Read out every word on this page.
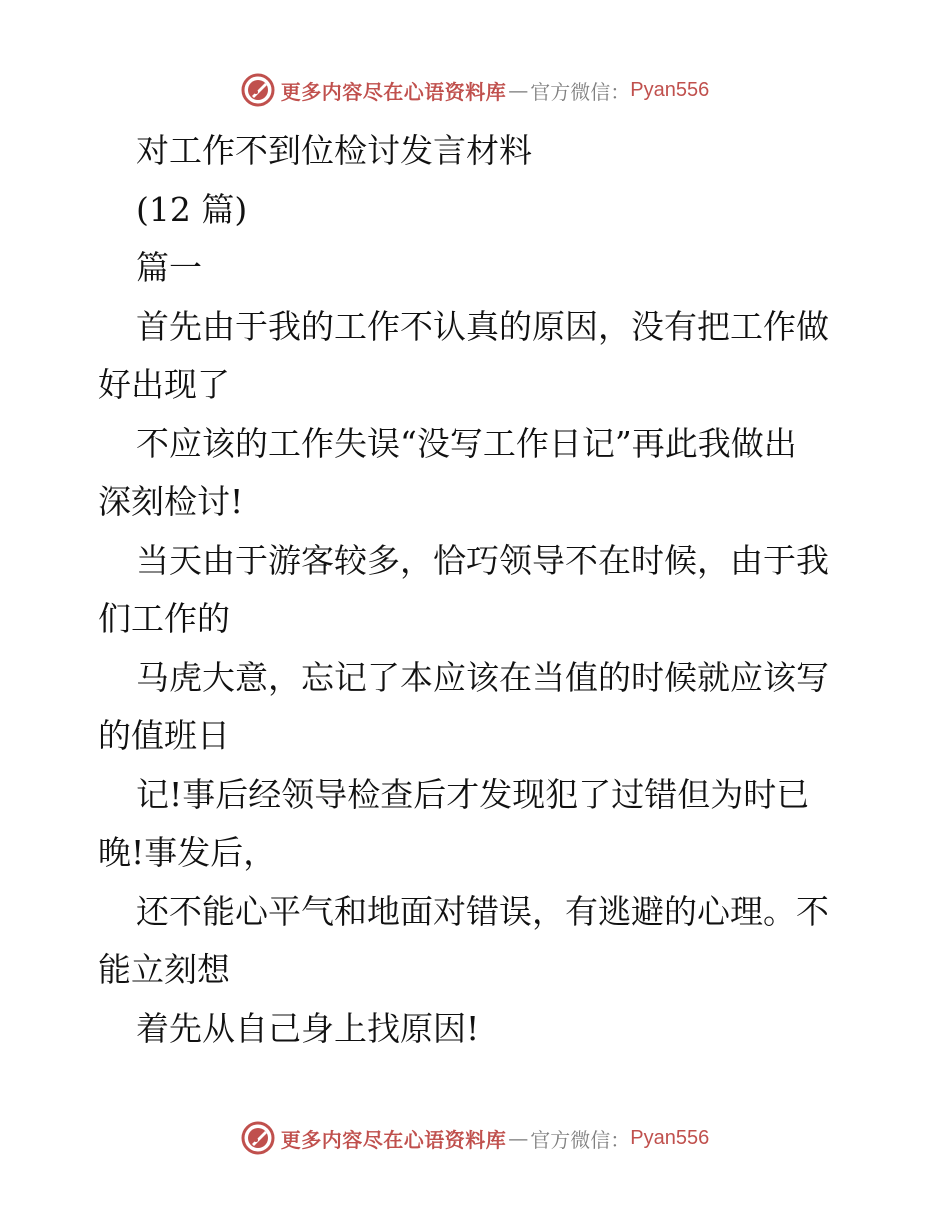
更多内容尽在心语资料库 — 官方微信： Pyan556

对工作不到位检讨发言材料

(12 篇)

篇一

首先由于我的工作不认真的原因，没有把工作做

好出现了

不应该的工作失误“没写工作日记”再此我做出

深刻检讨!

当天由于游客较多，恰巧领导不在时候，由于我

们工作的

马虎大意，忘记了本应该在当值的时候就应该写

的值班日

记!事后经领导检查后才发现犯了过错但为时已

晚!事发后，

还不能心平气和地面对错误，有逃避的心理。不

能立刻想

着先从自己身上找原因!

更多内容尽在心语资料库 — 官方微信： Pyan556
